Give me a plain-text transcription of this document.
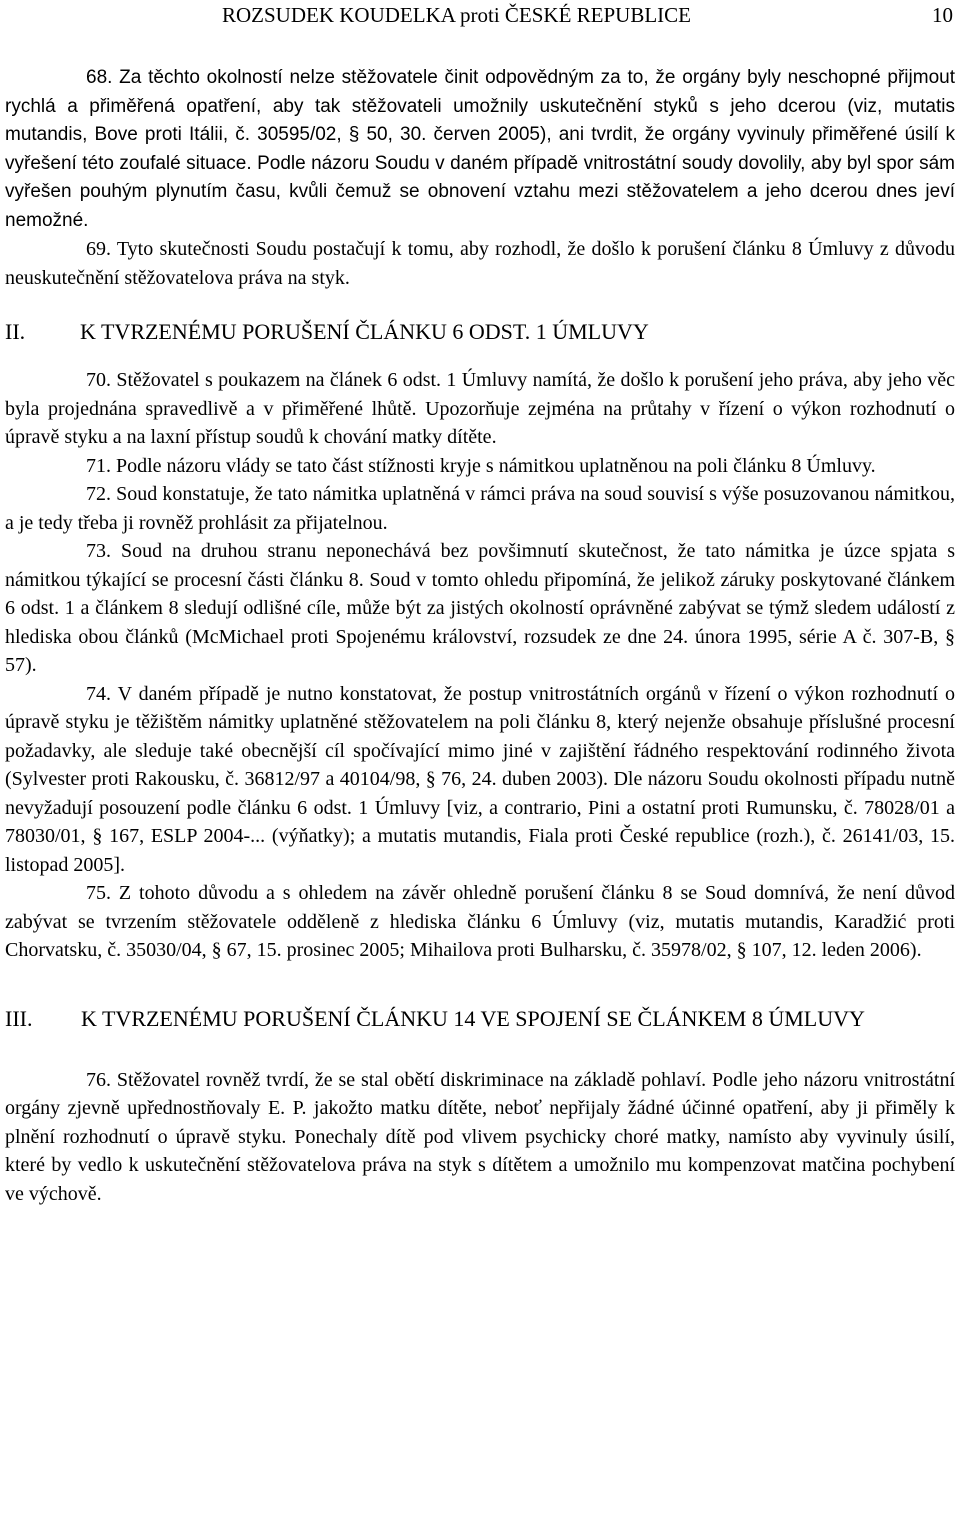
ROZSUDEK KOUDELKA proti ČESKÉ REPUBLICE	10

68. Za těchto okolností nelze stěžovatele činit odpovědným za to, že orgány byly neschopné přijmout rychlá a přiměřená opatření, aby tak stěžovateli umožnily uskutečnění styků s jeho dcerou (viz, mutatis mutandis, Bove proti Itálii, č. 30595/02, § 50, 30. červen 2005), ani tvrdit, že orgány vyvinuly přiměřené úsilí k vyřešení této zoufalé situace. Podle názoru Soudu v daném případě vnitrostátní soudy dovolily, aby byl spor sám vyřešen pouhým plynutím času, kvůli čemuž se obnovení vztahu mezi stěžovatelem a jeho dcerou dnes jeví nemožné.

69. Tyto skutečnosti Soudu postačují k tomu, aby rozhodl, že došlo k porušení článku 8 Úmluvy z důvodu neuskutečnění stěžovatelova práva na styk.

II. K TVRZENÉMU PORUŠENÍ ČLÁNKU 6 ODST. 1 ÚMLUVY

70. Stěžovatel s poukazem na článek 6 odst. 1 Úmluvy namítá, že došlo k porušení jeho práva, aby jeho věc byla projednána spravedlivě a v přiměřené lhůtě. Upozorňuje zejména na průtahy v řízení o výkon rozhodnutí o úpravě styku a na laxní přístup soudů k chování matky dítěte.

71. Podle názoru vlády se tato část stížnosti kryje s námitkou uplatněnou na poli článku 8 Úmluvy.

72. Soud konstatuje, že tato námitka uplatněná v rámci práva na soud souvisí s výše posuzovanou námitkou, a je tedy třeba ji rovněž prohlásit za přijatelnou.

73. Soud na druhou stranu neponechává bez povšimnutí skutečnost, že tato námitka je úzce spjata s námitkou týkající se procesní části článku 8. Soud v tomto ohledu připomíná, že jelikož záruky poskytované článkem 6 odst. 1 a článkem 8 sledují odlišné cíle, může být za jistých okolností oprávněné zabývat se týmž sledem událostí z hlediska obou článků (McMichael proti Spojenému království, rozsudek ze dne 24. února 1995, série A č. 307-B, § 57).

74. V daném případě je nutno konstatovat, že postup vnitrostátních orgánů v řízení o výkon rozhodnutí o úpravě styku je těžištěm námitky uplatněné stěžovatelem na poli článku 8, který nejenže obsahuje příslušné procesní požadavky, ale sleduje také obecnější cíl spočívající mimo jiné v zajištění řádného respektování rodinného života (Sylvester proti Rakousku, č. 36812/97 a 40104/98, § 76, 24. duben 2003). Dle názoru Soudu okolnosti případu nutně nevyžadují posouzení podle článku 6 odst. 1 Úmluvy [viz, a contrario, Pini a ostatní proti Rumunsku, č. 78028/01 a 78030/01, § 167, ESLP 2004-... (výňatky); a mutatis mutandis, Fiala proti České republice (rozh.), č. 26141/03, 15. listopad 2005].

75. Z tohoto důvodu a s ohledem na závěr ohledně porušení článku 8 se Soud domnívá, že není důvod zabývat se tvrzením stěžovatele odděleně z hlediska článku 6 Úmluvy (viz, mutatis mutandis, Karadžić proti Chorvatsku, č. 35030/04, § 67, 15. prosinec 2005; Mihailova proti Bulharsku, č. 35978/02, § 107, 12. leden 2006).

III. K TVRZENÉMU PORUŠENÍ ČLÁNKU 14 VE SPOJENÍ SE ČLÁNKEM 8 ÚMLUVY

76. Stěžovatel rovněž tvrdí, že se stal obětí diskriminace na základě pohlaví. Podle jeho názoru vnitrostátní orgány zjevně upřednostňovaly E. P. jakožto matku dítěte, neboť nepřijaly žádné účinné opatření, aby ji přiměly k plnění rozhodnutí o úpravě styku. Ponechaly dítě pod vlivem psychicky choré matky, namísto aby vyvinuly úsilí, které by vedlo k uskutečnění stěžovatelova práva na styk s dítětem a umožnilo mu kompenzovat matčina pochybení ve výchově.
